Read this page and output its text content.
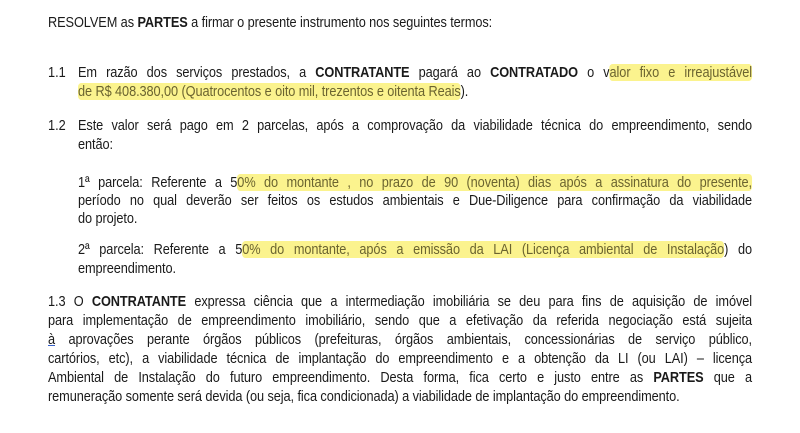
1.1
1.2
RESOLVEM as PARTES a firmar o presente instrumento nos seguintes termos:
Em razão dos serviços prestados, a CONTRATANTE pagará ao CONTRATADO o valor fixo e irreajustável
de R$ 408.380,00 (Quatrocentos e oito mil, trezentos e oitenta Reais).
Este valor será pago em 2 parcelas, após a comprovação da viabilidade técnica do empreendimento, sendo
então:
1ª parcela: Referente a 50% do montante , no prazo de 90 (noventa) dias após a assinatura do presente,
período no qual deverão ser feitos os estudos ambientais e Due-Diligence para confirmação da viabilidade
do projeto.
2ª parcela: Referente a 50% do montante, após a emissão da LAI (Licença ambiental de Instalação) do
empreendimento.
1.3 O CONTRATANTE expressa ciência que a intermediação imobiliária se deu para fins de aquisição de imóvel
para implementação de empreendimento imobiliário, sendo que a efetivação da referida negociação está sujeita
à aprovações perante órgãos públicos (prefeituras, órgãos ambientais, concessionárias de serviço público,
cartórios, etc), a viabilidade técnica de implantação do empreendimento e a obtenção da LI (ou LAI) – licença
Ambiental de Instalação do futuro empreendimento. Desta forma, fica certo e justo entre as PARTES que a
remuneração somente será devida (ou seja, fica condicionada) a viabilidade de implantação do empreendimento.
